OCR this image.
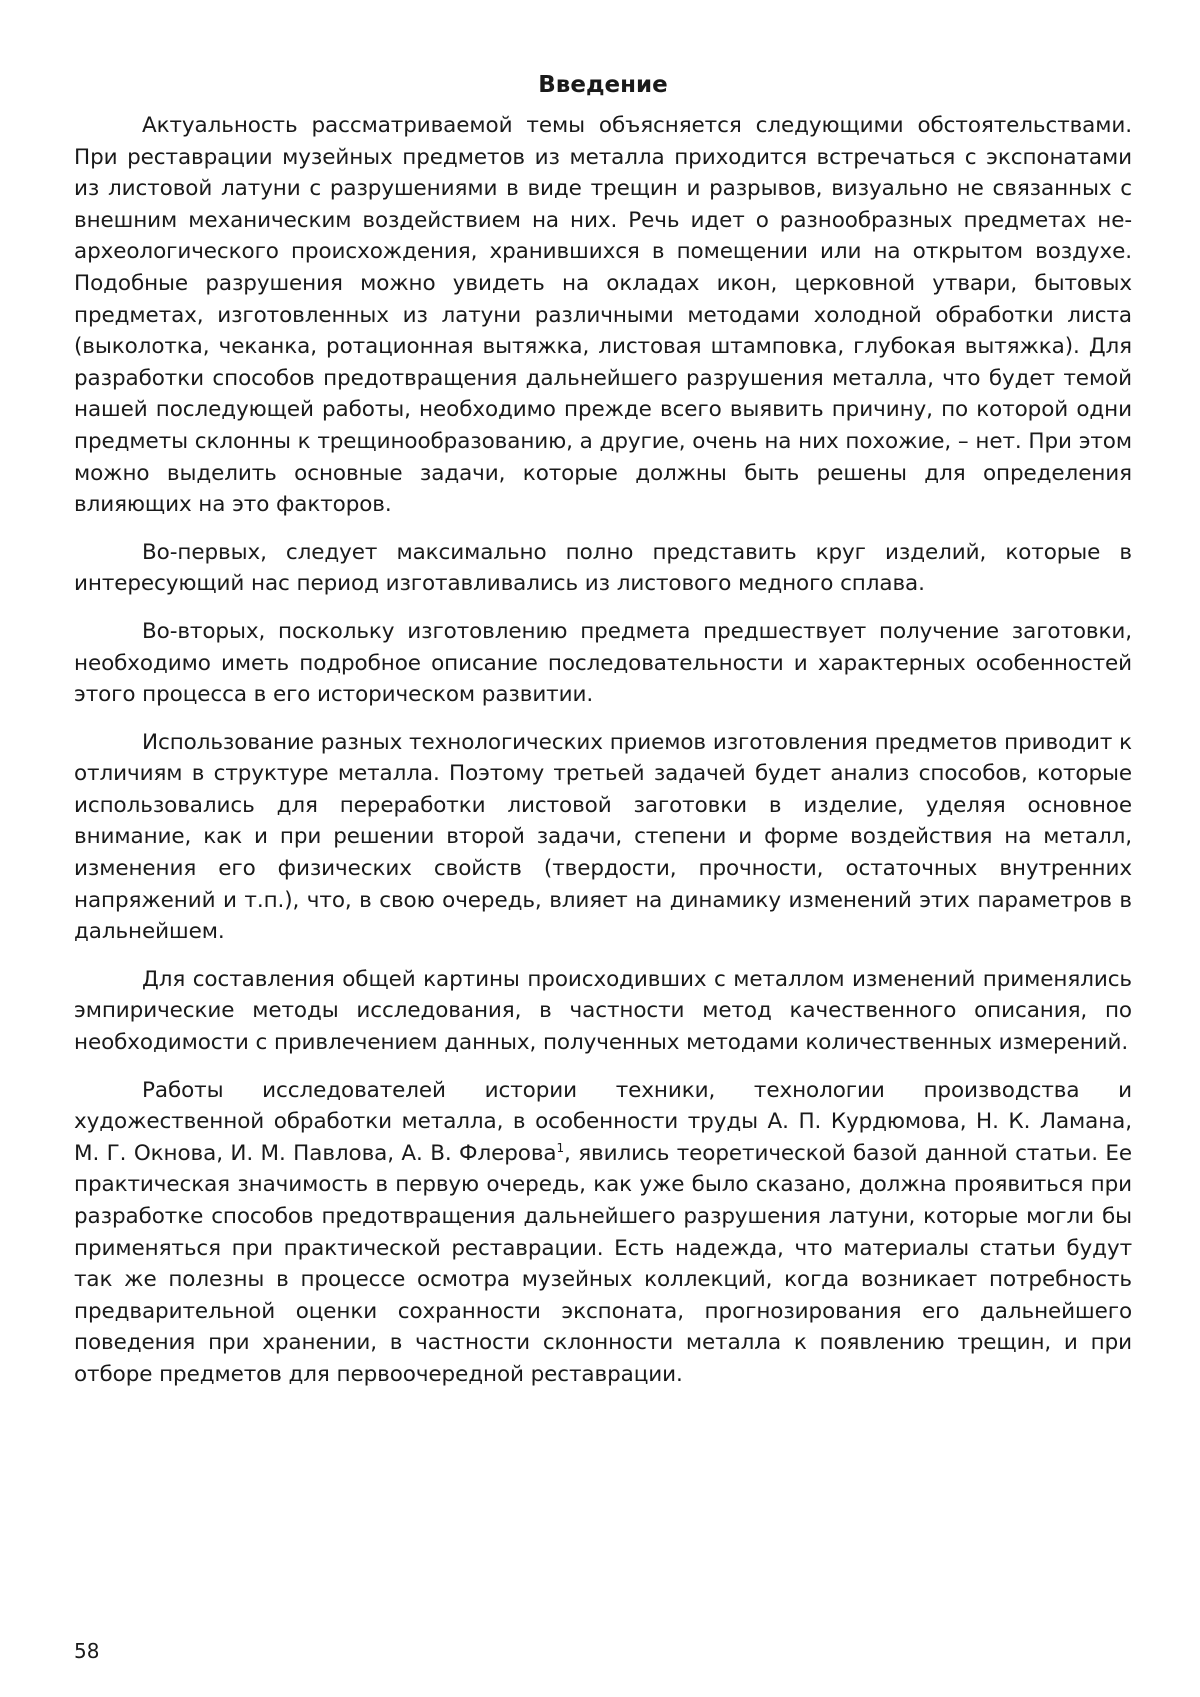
Введение

Актуальность рассматриваемой темы объясняется следующими обстоятельствами. При реставрации музейных предметов из металла приходится встречаться с экспонатами из листовой латуни с разрушениями в виде трещин и разрывов, визуально не связанных с внешним механическим воздействием на них. Речь идет о разнообразных предметах не-археологического происхождения, хранившихся в помещении или на открытом воздухе. Подобные разрушения можно увидеть на окладах икон, церковной утвари, бытовых предметах, изготовленных из латуни различными методами холодной обработки листа (выколотка, чеканка, ротационная вытяжка, листовая штамповка, глубокая вытяжка). Для разработки способов предотвращения дальнейшего разрушения металла, что будет темой нашей последующей работы, необходимо прежде всего выявить причину, по которой одни предметы склонны к трещинообразованию, а другие, очень на них похожие, – нет. При этом можно выделить основные задачи, которые должны быть решены для определения влияющих на это факторов.

Во-первых, следует максимально полно представить круг изделий, которые в интересующий нас период изготавливались из листового медного сплава.

Во-вторых, поскольку изготовлению предмета предшествует получение заготовки, необходимо иметь подробное описание последовательности и характерных особенностей этого процесса в его историческом развитии.

Использование разных технологических приемов изготовления предметов приводит к отличиям в структуре металла. Поэтому третьей задачей будет анализ способов, которые использовались для переработки листовой заготовки в изделие, уделяя основное внимание, как и при решении второй задачи, степени и форме воздействия на металл, изменения его физических свойств (твердости, прочности, остаточных внутренних напряжений и т.п.), что, в свою очередь, влияет на динамику изменений этих параметров в дальнейшем.

Для составления общей картины происходивших с металлом изменений применялись эмпирические методы исследования, в частности метод качественного описания, по необходимости с привлечением данных, полученных методами количественных измерений.

Работы исследователей истории техники, технологии производства и художественной обработки металла, в особенности труды А. П. Курдюмова, Н. К. Ламана, М. Г. Окнова, И. М. Павлова, А. В. Флерова$^1$, явились теоретической базой данной статьи. Ее практическая значимость в первую очередь, как уже было сказано, должна проявиться при разработке способов предотвращения дальнейшего разрушения латуни, которые могли бы применяться при практической реставрации. Есть надежда, что материалы статьи будут так же полезны в процессе осмотра музейных коллекций, когда возникает потребность предварительной оценки сохранности экспоната, прогнозирования его дальнейшего поведения при хранении, в частности склонности металла к появлению трещин, и при отборе предметов для первоочередной реставрации.

58
